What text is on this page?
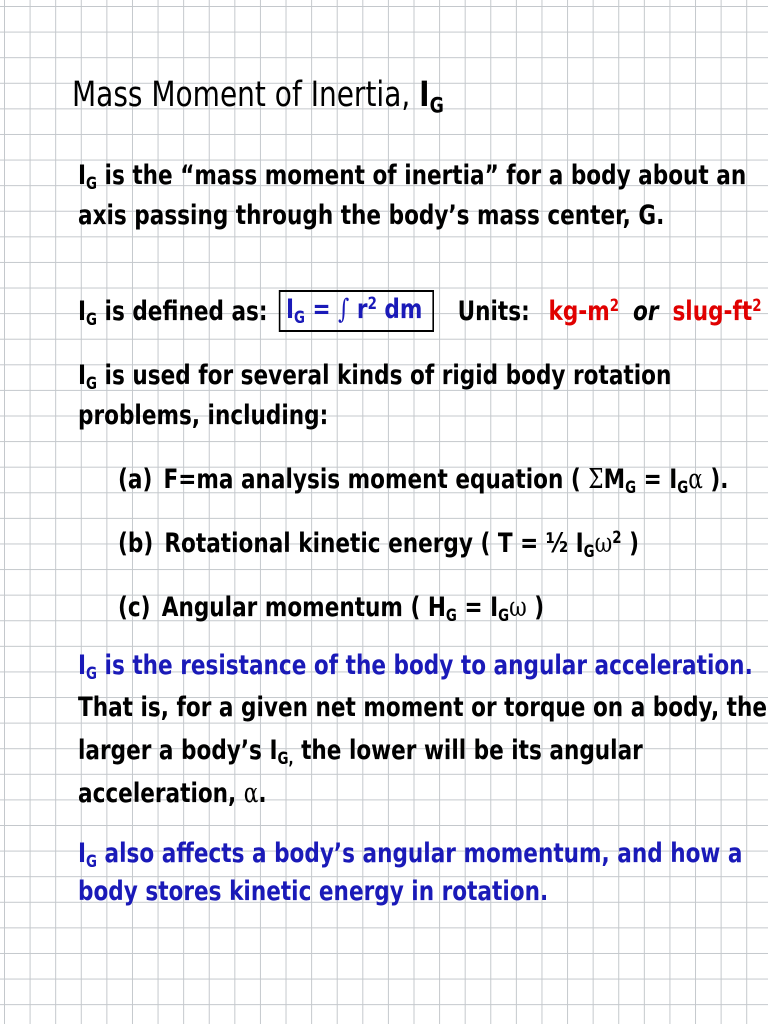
Mass Moment of Inertia, $I_G$
$I_G$ is the “mass moment of inertia” for a body about an
axis passing through the body’s mass center, G.
$I_G$ is defined as: $I_G$ = ∫ $r^2$ dm Units: $kg-m^2$ or slug-$ft^2$
$I_G$ is used for several kinds of rigid body rotation
problems, including:
(a) F=ma analysis moment equation ( $\Sigma M_G = I_G\alpha$ ).
(b) Rotational kinetic energy ( T = ½ $I_G\omega^2$ )
(c) Angular momentum ( $H_G = I_G\omega$ )
$I_G$ is the resistance of the body to angular acceleration.
That is, for a given net moment or torque on a body, the
larger a body’s $I_{G,}$ the lower will be its angular
acceleration, α.
$I_G$ also affects a body’s angular momentum, and how a
body stores kinetic energy in rotation.
